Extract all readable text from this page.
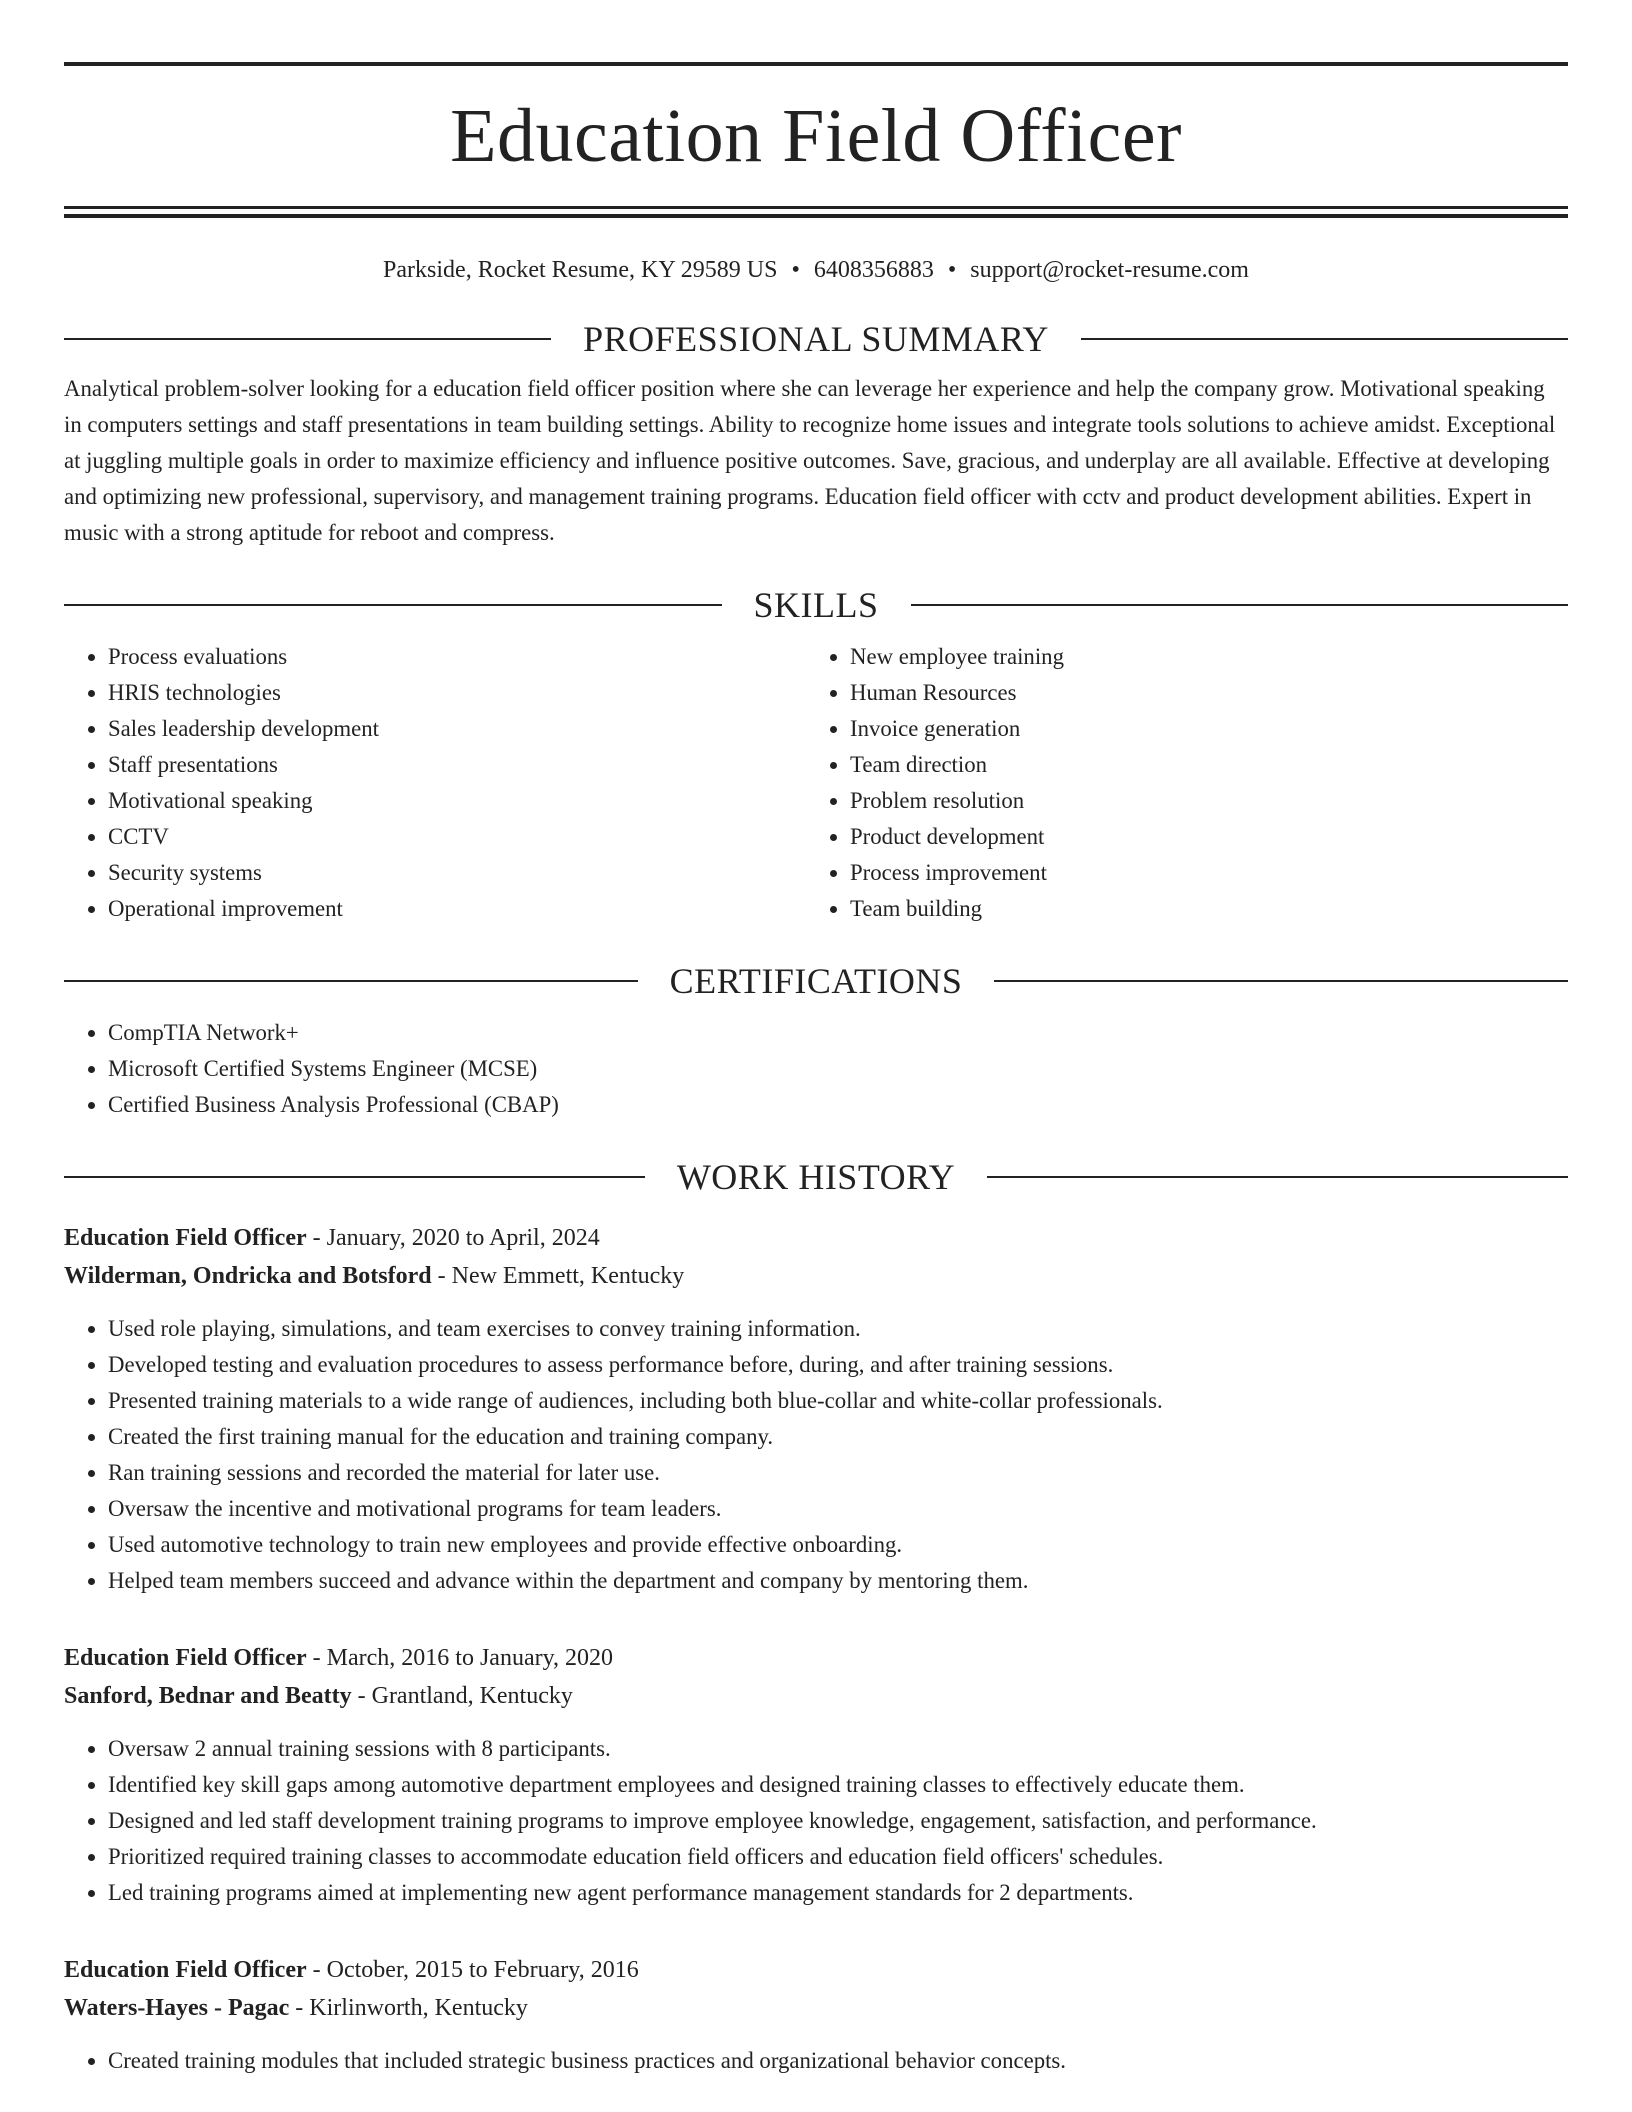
Education Field Officer
Parkside, Rocket Resume, KY 29589 US • 6408356883 • support@rocket-resume.com
PROFESSIONAL SUMMARY
Analytical problem-solver looking for a education field officer position where she can leverage her experience and help the company grow. Motivational speaking in computers settings and staff presentations in team building settings. Ability to recognize home issues and integrate tools solutions to achieve amidst. Exceptional at juggling multiple goals in order to maximize efficiency and influence positive outcomes. Save, gracious, and underplay are all available. Effective at developing and optimizing new professional, supervisory, and management training programs. Education field officer with cctv and product development abilities. Expert in music with a strong aptitude for reboot and compress.
SKILLS
• Process evaluations
• HRIS technologies
• Sales leadership development
• Staff presentations
• Motivational speaking
• CCTV
• Security systems
• Operational improvement
• New employee training
• Human Resources
• Invoice generation
• Team direction
• Problem resolution
• Product development
• Process improvement
• Team building
CERTIFICATIONS
• CompTIA Network+
• Microsoft Certified Systems Engineer (MCSE)
• Certified Business Analysis Professional (CBAP)
WORK HISTORY
Education Field Officer - January, 2020 to April, 2024
Wilderman, Ondricka and Botsford - New Emmett, Kentucky
• Used role playing, simulations, and team exercises to convey training information.
• Developed testing and evaluation procedures to assess performance before, during, and after training sessions.
• Presented training materials to a wide range of audiences, including both blue-collar and white-collar professionals.
• Created the first training manual for the education and training company.
• Ran training sessions and recorded the material for later use.
• Oversaw the incentive and motivational programs for team leaders.
• Used automotive technology to train new employees and provide effective onboarding.
• Helped team members succeed and advance within the department and company by mentoring them.
Education Field Officer - March, 2016 to January, 2020
Sanford, Bednar and Beatty - Grantland, Kentucky
• Oversaw 2 annual training sessions with 8 participants.
• Identified key skill gaps among automotive department employees and designed training classes to effectively educate them.
• Designed and led staff development training programs to improve employee knowledge, engagement, satisfaction, and performance.
• Prioritized required training classes to accommodate education field officers and education field officers' schedules.
• Led training programs aimed at implementing new agent performance management standards for 2 departments.
Education Field Officer - October, 2015 to February, 2016
Waters-Hayes - Pagac - Kirlinworth, Kentucky
• Created training modules that included strategic business practices and organizational behavior concepts.
